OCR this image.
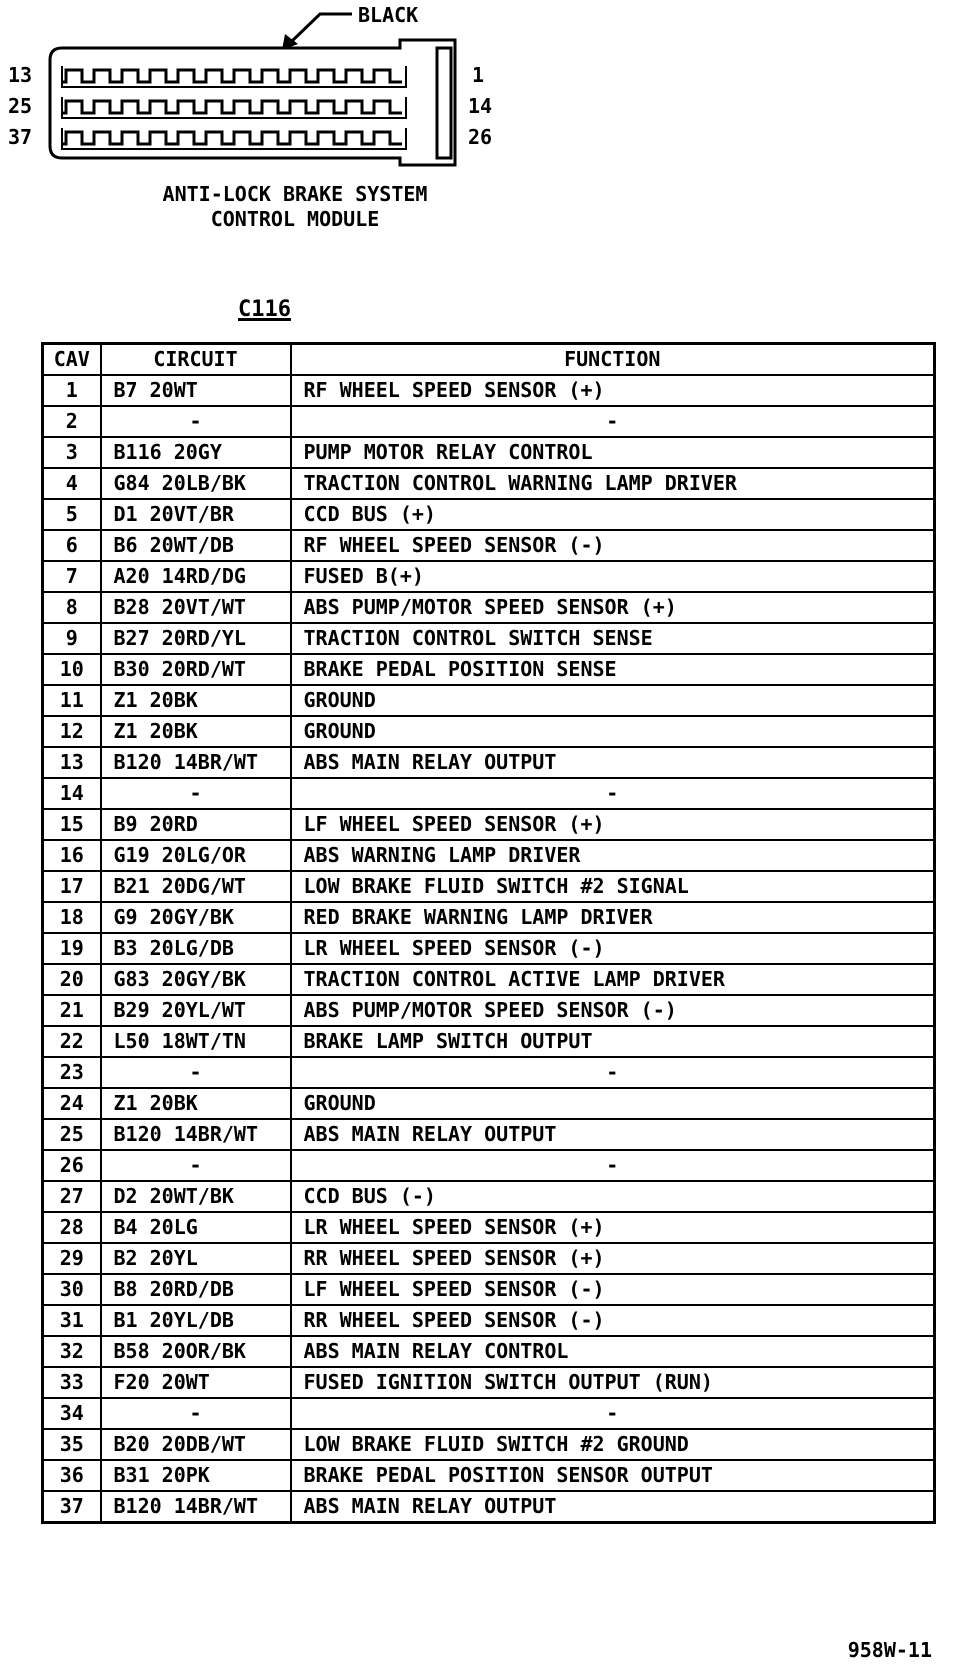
BLACK
13
25
37
1
14
26
ANTI-LOCK BRAKE SYSTEM
CONTROL MODULE
C116
CAV	CIRCUIT	FUNCTION
1	B7 20WT	RF WHEEL SPEED SENSOR (+)
2	-	-
3	B116 20GY	PUMP MOTOR RELAY CONTROL
4	G84 20LB/BK	TRACTION CONTROL WARNING LAMP DRIVER
5	D1 20VT/BR	CCD BUS (+)
6	B6 20WT/DB	RF WHEEL SPEED SENSOR (-)
7	A20 14RD/DG	FUSED B(+)
8	B28 20VT/WT	ABS PUMP/MOTOR SPEED SENSOR (+)
9	B27 20RD/YL	TRACTION CONTROL SWITCH SENSE
10	B30 20RD/WT	BRAKE PEDAL POSITION SENSE
11	Z1 20BK	GROUND
12	Z1 20BK	GROUND
13	B120 14BR/WT	ABS MAIN RELAY OUTPUT
14	-	-
15	B9 20RD	LF WHEEL SPEED SENSOR (+)
16	G19 20LG/OR	ABS WARNING LAMP DRIVER
17	B21 20DG/WT	LOW BRAKE FLUID SWITCH #2 SIGNAL
18	G9 20GY/BK	RED BRAKE WARNING LAMP DRIVER
19	B3 20LG/DB	LR WHEEL SPEED SENSOR (-)
20	G83 20GY/BK	TRACTION CONTROL ACTIVE LAMP DRIVER
21	B29 20YL/WT	ABS PUMP/MOTOR SPEED SENSOR (-)
22	L50 18WT/TN	BRAKE LAMP SWITCH OUTPUT
23	-	-
24	Z1 20BK	GROUND
25	B120 14BR/WT	ABS MAIN RELAY OUTPUT
26	-	-
27	D2 20WT/BK	CCD BUS (-)
28	B4 20LG	LR WHEEL SPEED SENSOR (+)
29	B2 20YL	RR WHEEL SPEED SENSOR (+)
30	B8 20RD/DB	LF WHEEL SPEED SENSOR (-)
31	B1 20YL/DB	RR WHEEL SPEED SENSOR (-)
32	B58 20OR/BK	ABS MAIN RELAY CONTROL
33	F20 20WT	FUSED IGNITION SWITCH OUTPUT (RUN)
34	-	-
35	B20 20DB/WT	LOW BRAKE FLUID SWITCH #2 GROUND
36	B31 20PK	BRAKE PEDAL POSITION SENSOR OUTPUT
37	B120 14BR/WT	ABS MAIN RELAY OUTPUT
958W-11
